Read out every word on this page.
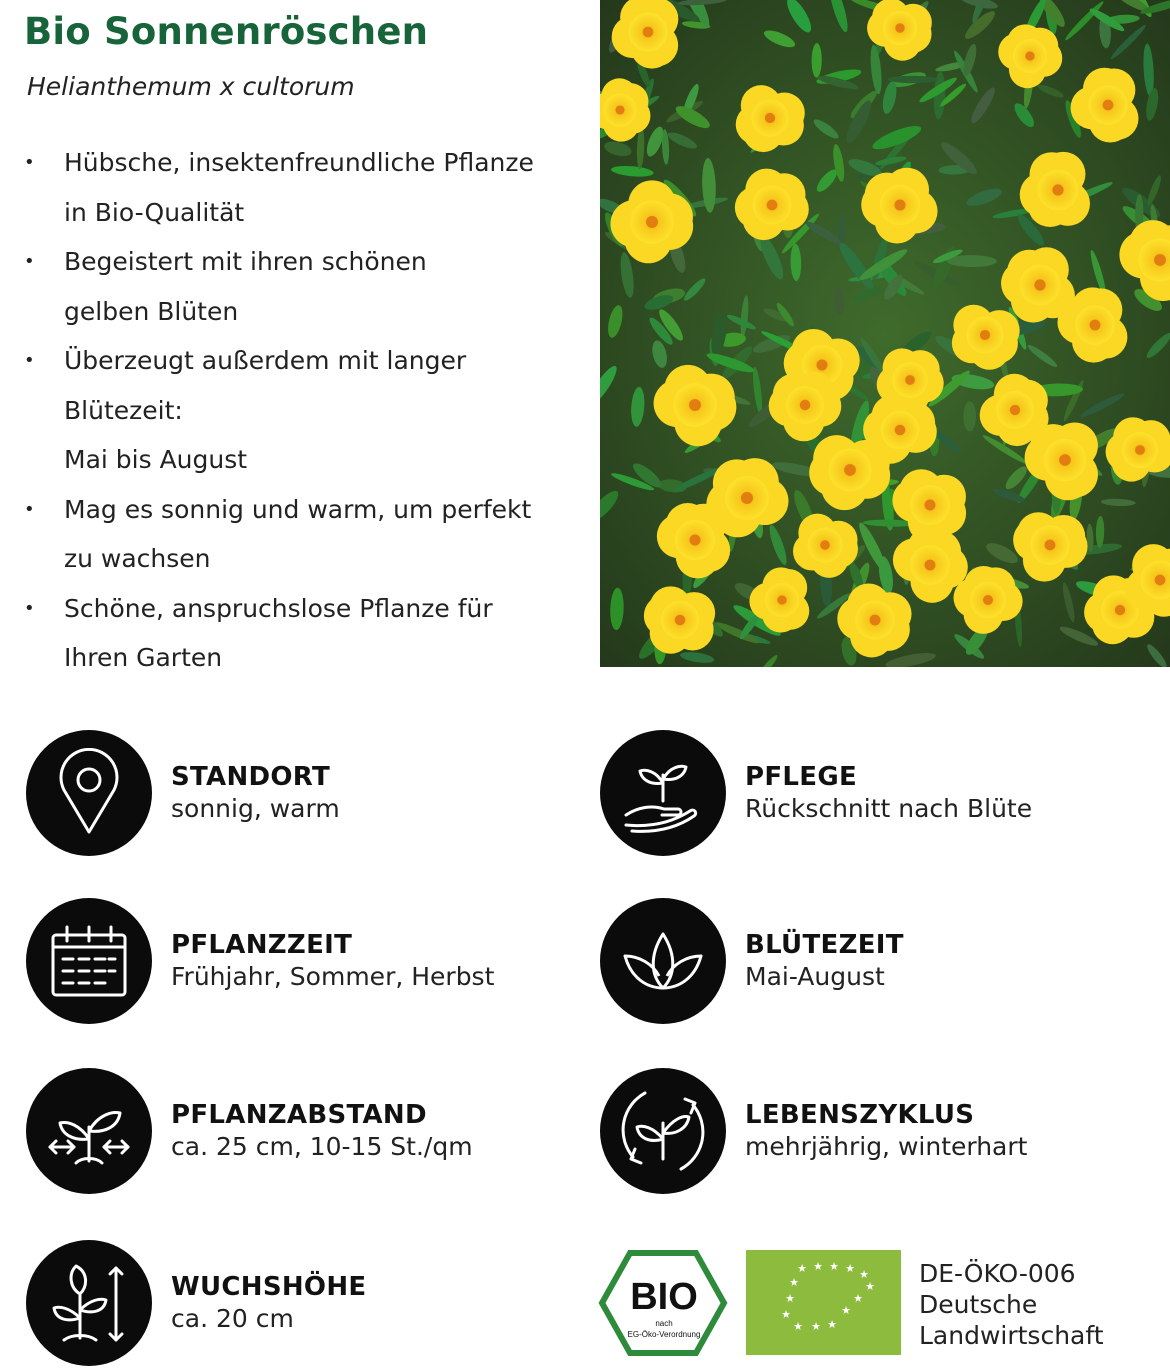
Bio Sonnenröschen
Helianthemum x cultorum
• Hübsche, insektenfreundliche Pflanze
in Bio-Qualität
• Begeistert mit ihren schönen
gelben Blüten
• Überzeugt außerdem mit langer Blütezeit:
Mai bis August
• Mag es sonnig und warm, um perfekt
zu wachsen
• Schöne, anspruchslose Pflanze für
Ihren Garten
STANDORT
sonnig, warm
PFLEGE
Rückschnitt nach Blüte
PFLANZZEIT
Frühjahr, Sommer, Herbst
BLÜTEZEIT
Mai-August
PFLANZABSTAND
ca. 25 cm, 10-15 St./qm
LEBENSZYKLUS
mehrjährig, winterhart
WUCHSHÖHE
ca. 20 cm
BIO
nach
EG-Öko-Verordnung
★ ★ ★ ★ ★
★	★
★	★
★	★
★ ★ ★
DE-ÖKO-006
Deutsche
Landwirtschaft
